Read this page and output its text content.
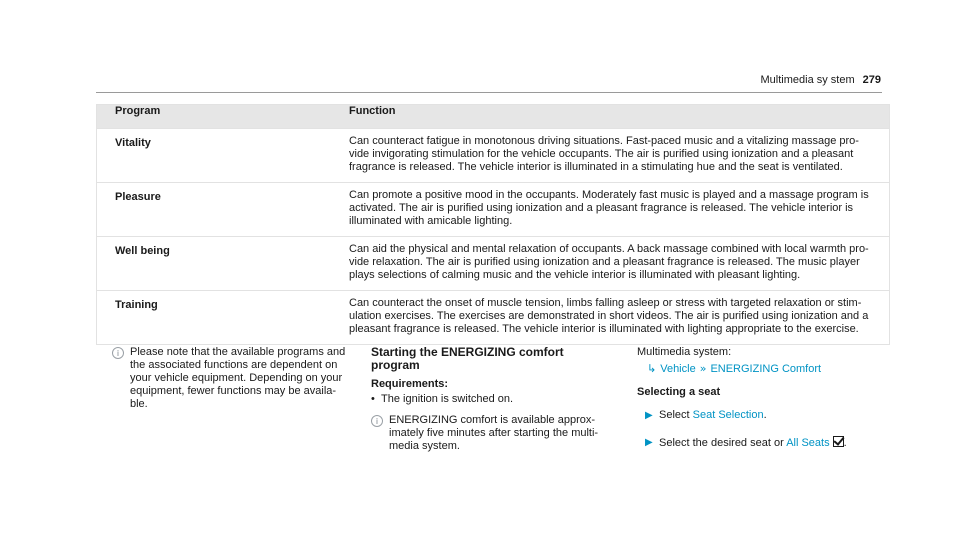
Multimedia sy stem 279
Program	Function
Vitality	Can counteract fatigue in monotonous driving situations. Fast-paced music and a vitalizing massage pro-
vide invigorating stimulation for the vehicle occupants. The air is purified using ionization and a pleasant
fragrance is released. The vehicle interior is illuminated in a stimulating hue and the seat is ventilated.

Pleasure	Can promote a positive mood in the occupants. Moderately fast music is played and a massage program is
activated. The air is purified using ionization and a pleasant fragrance is released. The vehicle interior is
illuminated with amicable lighting.

Well being	Can aid the physical and mental relaxation of occupants. A back massage combined with local warmth pro-
vide relaxation. The air is purified using ionization and a pleasant fragrance is released. The music player
plays selections of calming music and the vehicle interior is illuminated with pleasant lighting.

Training	Can counteract the onset of muscle tension, limbs falling asleep or stress with targeted relaxation or stim-
ulation exercises. The exercises are demonstrated in short videos. The air is purified using ionization and a
pleasant fragrance is released. The vehicle interior is illuminated with lighting appropriate to the exercise.
i Please note that the available programs and
the associated functions are dependent on
your vehicle equipment. Depending on your
equipment, fewer functions may be availa-
ble.
Starting the ENERGIZING comfort program
Requirements:
• The ignition is switched on.
i ENERGIZING comfort is available approx-
imately five minutes after starting the multi-
media system.
Multimedia system:
↳ Vehicle » ENERGIZING Comfort
Selecting a seat
▶ Select Seat Selection.
▶ Select the desired seat or All Seats .
